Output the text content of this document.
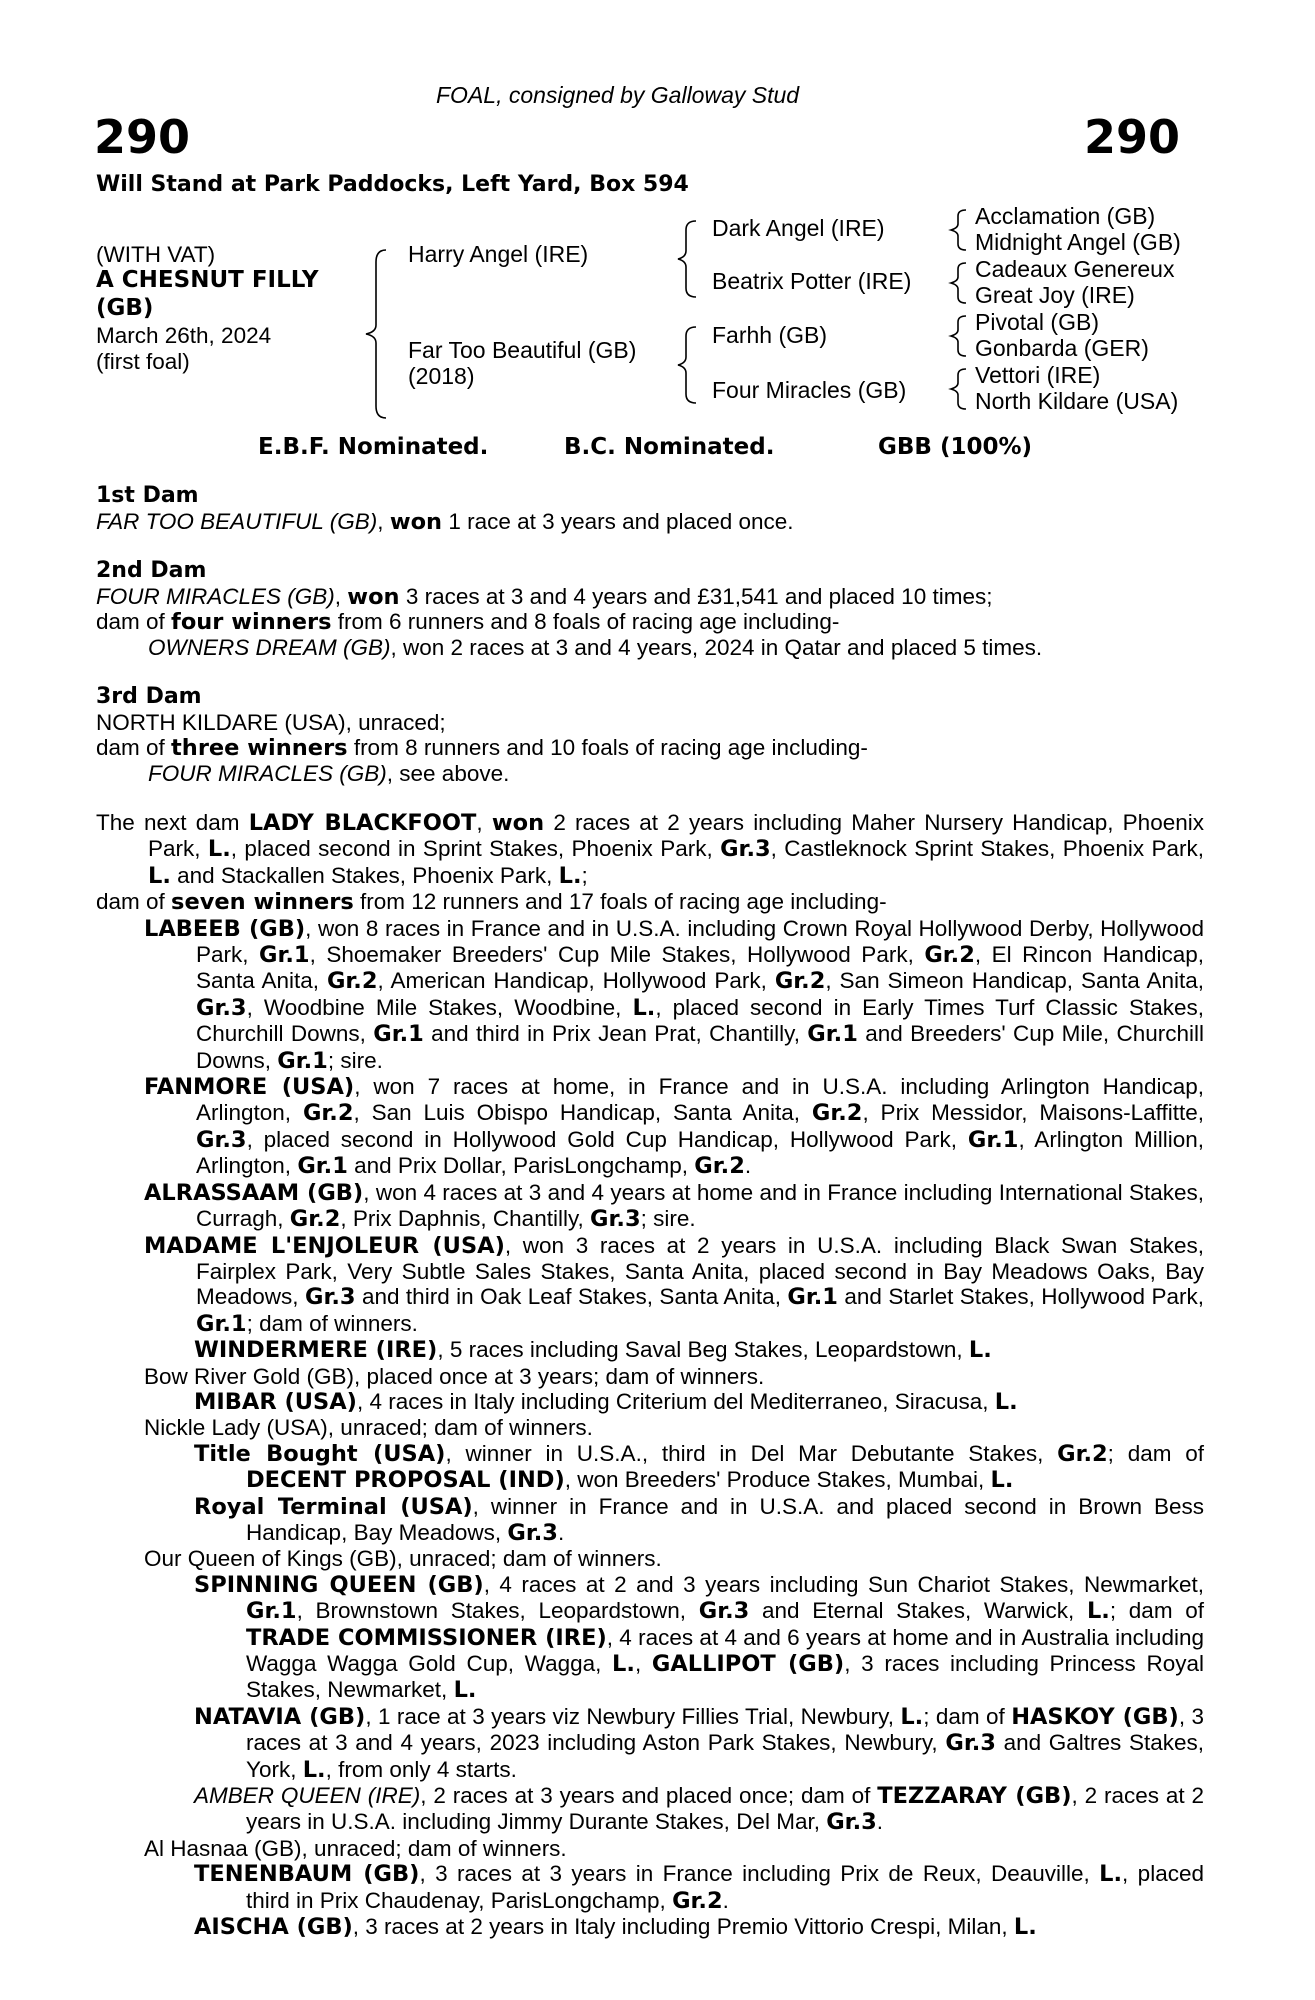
FOAL, consigned by Galloway Stud
290	290
Will Stand at Park Paddocks, Left Yard, Box 594
(WITH VAT)
A CHESNUT FILLY
(GB)
March 26th, 2024
(first foal)
Harry Angel (IRE)
Far Too Beautiful (GB)
(2018)
Dark Angel (IRE)
Beatrix Potter (IRE)
Farhh (GB)
Four Miracles (GB)
Acclamation (GB)
Midnight Angel (GB)
Cadeaux Genereux
Great Joy (IRE)
Pivotal (GB)
Gonbarda (GER)
Vettori (IRE)
North Kildare (USA)
E.B.F. Nominated.	B.C. Nominated.	GBB (100%)
1st Dam
FAR TOO BEAUTIFUL (GB), won 1 race at 3 years and placed once.
2nd Dam
FOUR MIRACLES (GB), won 3 races at 3 and 4 years and £31,541 and placed 10 times;
dam of four winners from 6 runners and 8 foals of racing age including-
OWNERS DREAM (GB), won 2 races at 3 and 4 years, 2024 in Qatar and placed 5 times.
3rd Dam
NORTH KILDARE (USA), unraced;
dam of three winners from 8 runners and 10 foals of racing age including-
FOUR MIRACLES (GB), see above.
The next dam LADY BLACKFOOT, won 2 races at 2 years including Maher Nursery Handicap, Phoenix Park, L., placed second in Sprint Stakes, Phoenix Park, Gr.3, Castleknock Sprint Stakes, Phoenix Park, L. and Stackallen Stakes, Phoenix Park, L.;
dam of seven winners from 12 runners and 17 foals of racing age including-
LABEEB (GB), won 8 races in France and in U.S.A. including Crown Royal Hollywood Derby, Hollywood Park, Gr.1, Shoemaker Breeders' Cup Mile Stakes, Hollywood Park, Gr.2, El Rincon Handicap, Santa Anita, Gr.2, American Handicap, Hollywood Park, Gr.2, San Simeon Handicap, Santa Anita, Gr.3, Woodbine Mile Stakes, Woodbine, L., placed second in Early Times Turf Classic Stakes, Churchill Downs, Gr.1 and third in Prix Jean Prat, Chantilly, Gr.1 and Breeders' Cup Mile, Churchill Downs, Gr.1; sire.
FANMORE (USA), won 7 races at home, in France and in U.S.A. including Arlington Handicap, Arlington, Gr.2, San Luis Obispo Handicap, Santa Anita, Gr.2, Prix Messidor, Maisons-Laffitte, Gr.3, placed second in Hollywood Gold Cup Handicap, Hollywood Park, Gr.1, Arlington Million, Arlington, Gr.1 and Prix Dollar, ParisLongchamp, Gr.2.
ALRASSAAM (GB), won 4 races at 3 and 4 years at home and in France including International Stakes, Curragh, Gr.2, Prix Daphnis, Chantilly, Gr.3; sire.
MADAME L'ENJOLEUR (USA), won 3 races at 2 years in U.S.A. including Black Swan Stakes, Fairplex Park, Very Subtle Sales Stakes, Santa Anita, placed second in Bay Meadows Oaks, Bay Meadows, Gr.3 and third in Oak Leaf Stakes, Santa Anita, Gr.1 and Starlet Stakes, Hollywood Park, Gr.1; dam of winners.
WINDERMERE (IRE), 5 races including Saval Beg Stakes, Leopardstown, L.
Bow River Gold (GB), placed once at 3 years; dam of winners.
MIBAR (USA), 4 races in Italy including Criterium del Mediterraneo, Siracusa, L.
Nickle Lady (USA), unraced; dam of winners.
Title Bought (USA), winner in U.S.A., third in Del Mar Debutante Stakes, Gr.2; dam of DECENT PROPOSAL (IND), won Breeders' Produce Stakes, Mumbai, L.
Royal Terminal (USA), winner in France and in U.S.A. and placed second in Brown Bess Handicap, Bay Meadows, Gr.3.
Our Queen of Kings (GB), unraced; dam of winners.
SPINNING QUEEN (GB), 4 races at 2 and 3 years including Sun Chariot Stakes, Newmarket, Gr.1, Brownstown Stakes, Leopardstown, Gr.3 and Eternal Stakes, Warwick, L.; dam of TRADE COMMISSIONER (IRE), 4 races at 4 and 6 years at home and in Australia including Wagga Wagga Gold Cup, Wagga, L., GALLIPOT (GB), 3 races including Princess Royal Stakes, Newmarket, L.
NATAVIA (GB), 1 race at 3 years viz Newbury Fillies Trial, Newbury, L.; dam of HASKOY (GB), 3 races at 3 and 4 years, 2023 including Aston Park Stakes, Newbury, Gr.3 and Galtres Stakes, York, L., from only 4 starts.
AMBER QUEEN (IRE), 2 races at 3 years and placed once; dam of TEZZARAY (GB), 2 races at 2 years in U.S.A. including Jimmy Durante Stakes, Del Mar, Gr.3.
Al Hasnaa (GB), unraced; dam of winners.
TENENBAUM (GB), 3 races at 3 years in France including Prix de Reux, Deauville, L., placed third in Prix Chaudenay, ParisLongchamp, Gr.2.
AISCHA (GB), 3 races at 2 years in Italy including Premio Vittorio Crespi, Milan, L.
